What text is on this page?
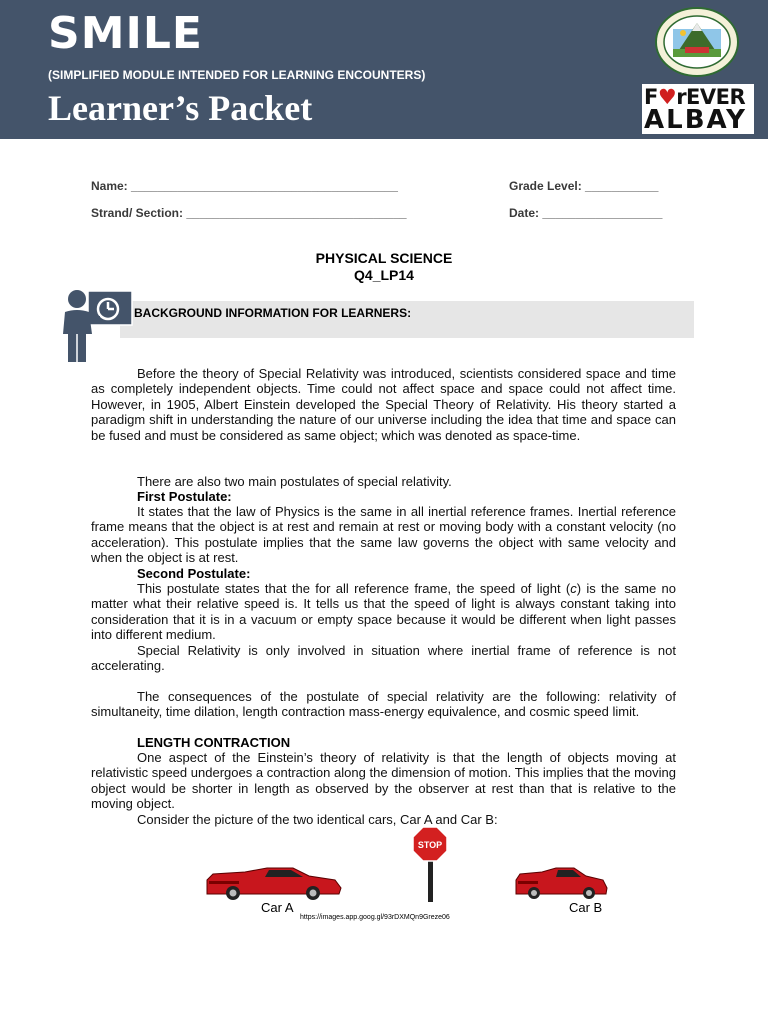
SMILE
(SIMPLIFIED MODULE INTENDED FOR LEARNING ENCOUNTERS)
Learner’s Packet	F♥rEVER
ALBAY
Name: ________________________________________	Grade Level: ___________
Strand/ Section: _________________________________	Date: __________________
PHYSICAL SCIENCE
Q4_LP14
BACKGROUND INFORMATION FOR LEARNERS:
Before the theory of Special Relativity was introduced, scientists considered space and time as completely independent objects. Time could not affect space and space could not affect time. However, in 1905, Albert Einstein developed the Special Theory of Relativity. His theory started a paradigm shift in understanding the nature of our universe including the idea that time and space can be fused and must be considered as same object; which was denoted as space-time.
There are also two main postulates of special relativity.
First Postulate:
It states that the law of Physics is the same in all inertial reference frames. Inertial reference frame means that the object is at rest and remain at rest or moving body with a constant velocity (no acceleration). This postulate implies that the same law governs the object with same velocity and when the object is at rest.
Second Postulate:
This postulate states that the for all reference frame, the speed of light (c) is the same no matter what their relative speed is. It tells us that the speed of light is always constant taking into consideration that it is in a vacuum or empty space because it would be different when light passes into different medium.
Special Relativity is only involved in situation where inertial frame of reference is not accelerating.
The consequences of the postulate of special relativity are the following: relativity of simultaneity, time dilation, length contraction mass-energy equivalence, and cosmic speed limit.
LENGTH CONTRACTION
One aspect of the Einstein’s theory of relativity is that the length of objects moving at relativistic speed undergoes a contraction along the dimension of motion. This implies that the moving object would be shorter in length as observed by the observer at rest than that is relative to the moving object.
Consider the picture of the two identical cars, Car A and Car B:
STOP
Car A	Car B
https://images.app.goog.gl/93rDXMQn9Greze06
